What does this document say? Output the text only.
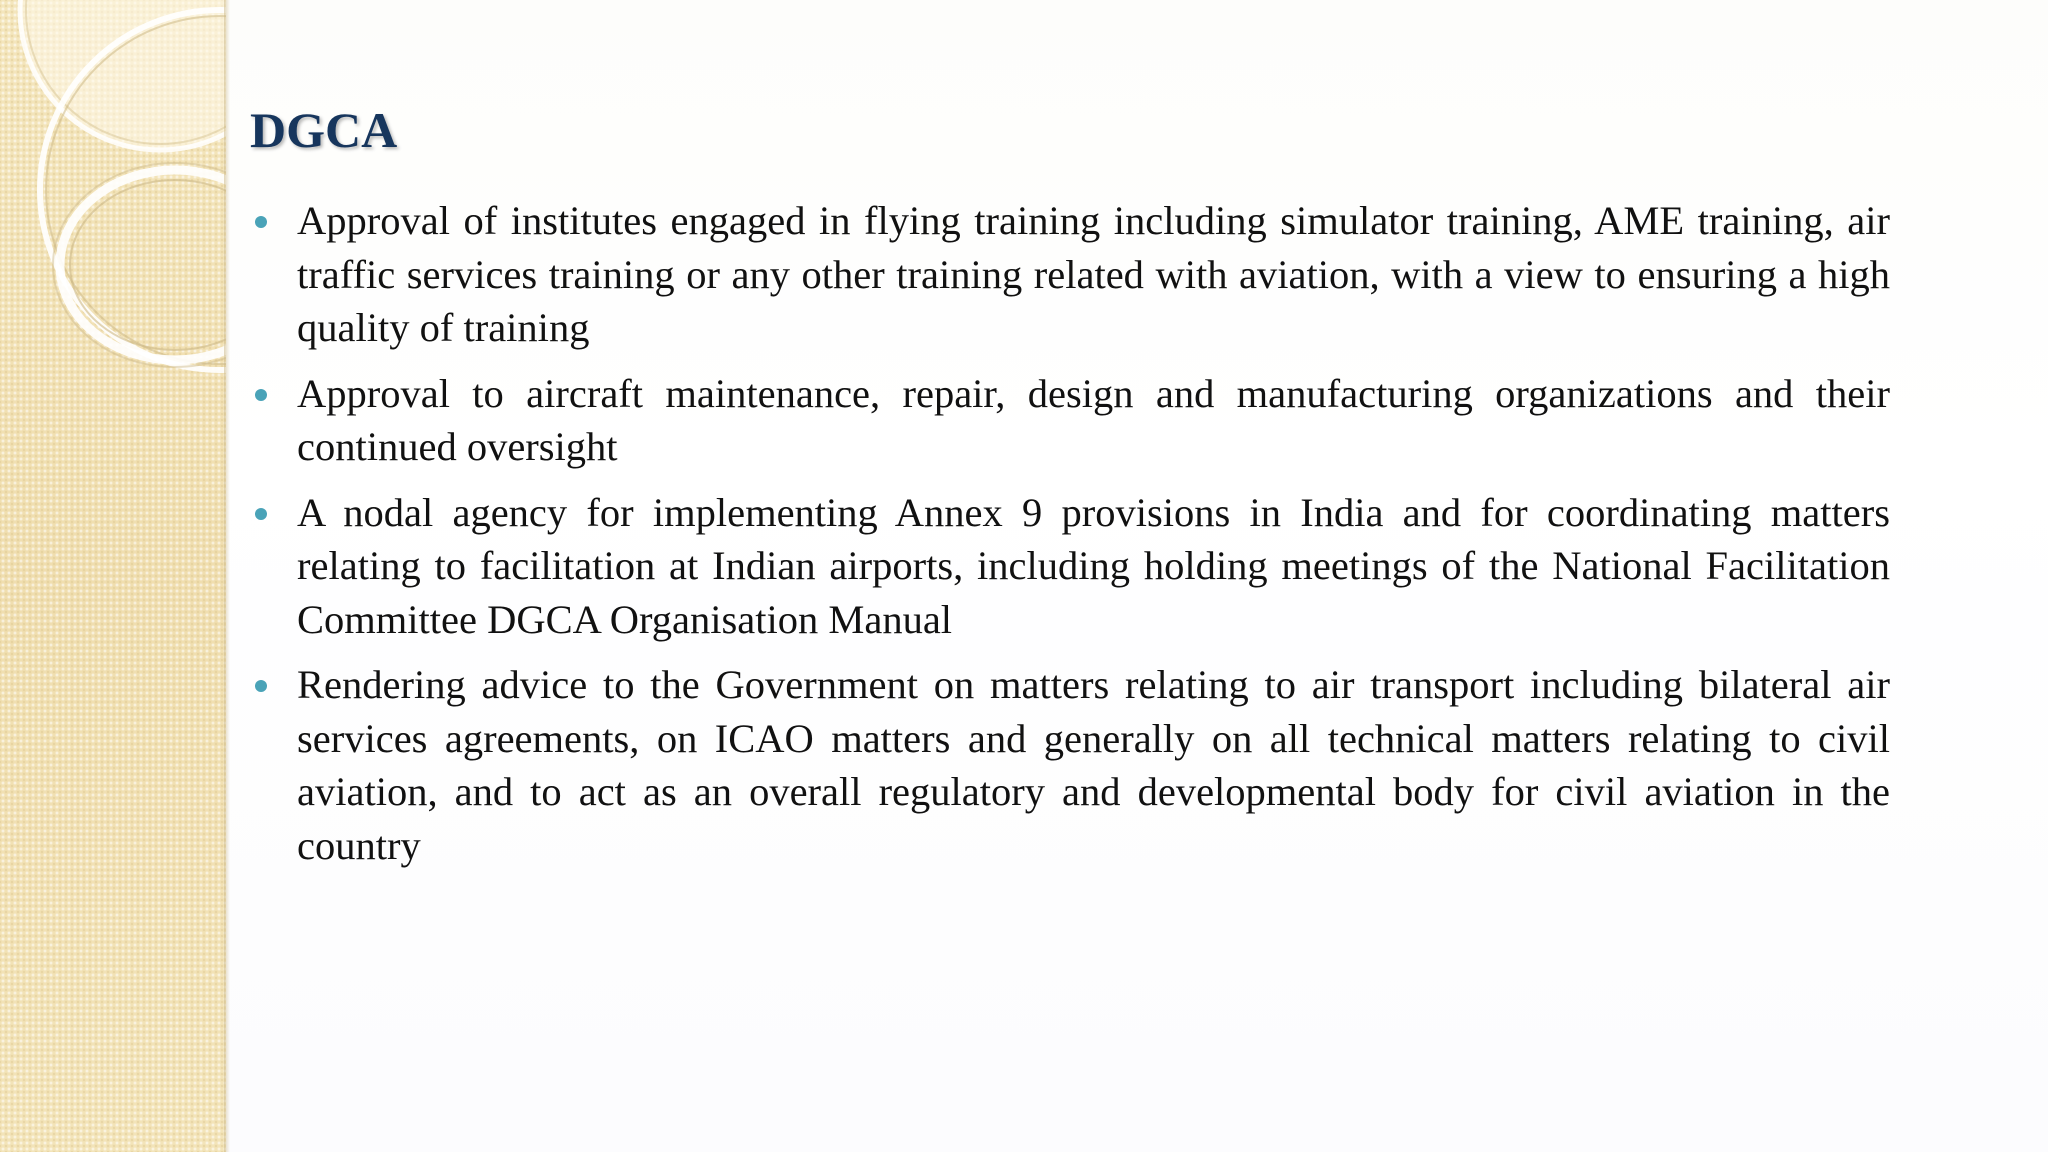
DGCA
Approval of institutes engaged in flying training including simulator training, AME training, air traffic services training or any other training related with aviation, with a view to ensuring a high quality of training
Approval to aircraft maintenance, repair, design and manufacturing organizations and their continued oversight
A nodal agency for implementing Annex 9 provisions in India and for coordinating matters relating to facilitation at Indian airports, including holding meetings of the National Facilitation Committee DGCA Organisation Manual
Rendering advice to the Government on matters relating to air transport including bilateral air services agreements, on ICAO matters and generally on all technical matters relating to civil aviation, and to act as an overall regulatory and developmental body for civil aviation in the country
